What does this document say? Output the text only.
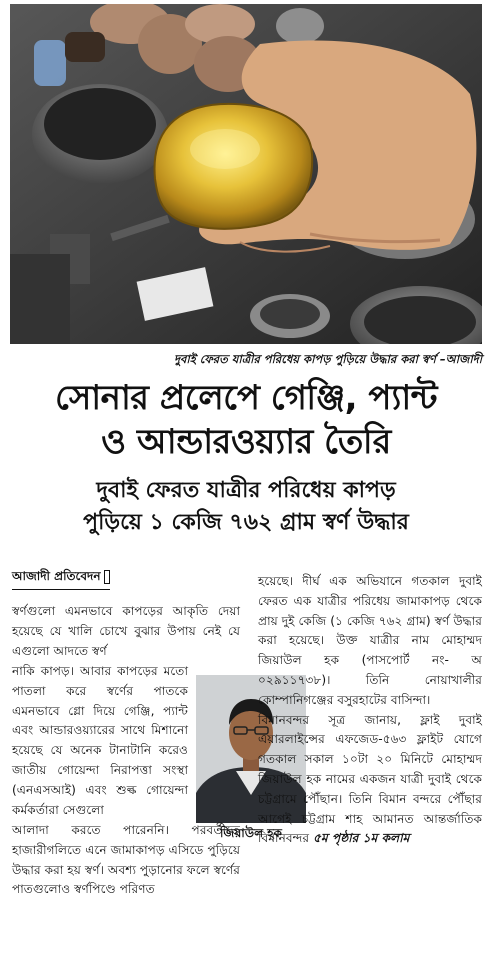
দুবাই ফেরত যাত্রীর পরিধেয় কাপড় পুড়িয়ে উদ্ধার করা স্বর্ণ –আজাদী
সোনার প্রলেপে গেঞ্জি, প্যান্ট
ও আন্ডারওয়্যার তৈরি
দুবাই ফেরত যাত্রীর পরিধেয় কাপড়
পুড়িয়ে ১ কেজি ৭৬২ গ্রাম স্বর্ণ উদ্ধার
আজাদী প্রতিবেদন

স্বর্ণগুলো এমনভাবে কাপড়ের আকৃতি দেয়া হয়েছে যে খালি চোখে বুঝার উপায় নেই যে এগুলো আদতে স্বর্ণ

নাকি কাপড়। আবার কাপড়ের মতো পাতলা করে স্বর্ণের পাতকে এমনভাবে গ্লো দিয়ে গেঞ্জি, প্যান্ট এবং আন্ডারওয়্যারের সাথে মিশানো হয়েছে যে অনেক টানাটানি করেও জাতীয় গোয়েন্দা নিরাপত্তা সংস্থা (এনএসআই) এবং শুল্ক গোয়েন্দা কর্মকর্তারা সেগুলো

জিয়াউল হক

আলাদা করতে পারেননি। পরবর্তীতে হাজারীগলিতে এনে জামাকাপড় এসিডে পুড়িয়ে উদ্ধার করা হয় স্বর্ণ। অবশ্য পুড়ানোর ফলে স্বর্ণের পাতগুলোও স্বর্ণপিণ্ডে পরিণত

হয়েছে। দীর্ঘ এক অভিযানে গতকাল দুবাই ফেরত এক যাত্রীর পরিধেয় জামাকাপড় থেকে প্রায় দুই কেজি (১ কেজি ৭৬২ গ্রাম) স্বর্ণ উদ্ধার করা হয়েছে। উক্ত যাত্রীর নাম মোহাম্মদ জিয়াউল হক (পাসপোর্ট নং- অ ০২৯১১৭৩৮)। তিনি নোয়াখালীর কোম্পানিগঞ্জের বসুরহাটের বাসিন্দা।

বিমানবন্দর সূত্র জানায়, ফ্লাই দুবাই এয়ারলাইন্সের এফজেড-৫৬৩ ফ্লাইট যোগে গতকাল সকাল ১০টা ২০ মিনিটে মোহাম্মদ জিয়াউল হক নামের একজন যাত্রী দুবাই থেকে চট্টগ্রামে পৌঁছান। তিনি বিমান বন্দরে পৌঁছার আগেই চট্টগ্রাম শাহ আমানত আন্তর্জাতিক বিমানবন্দর ৫ম পৃষ্ঠার ১ম কলাম
